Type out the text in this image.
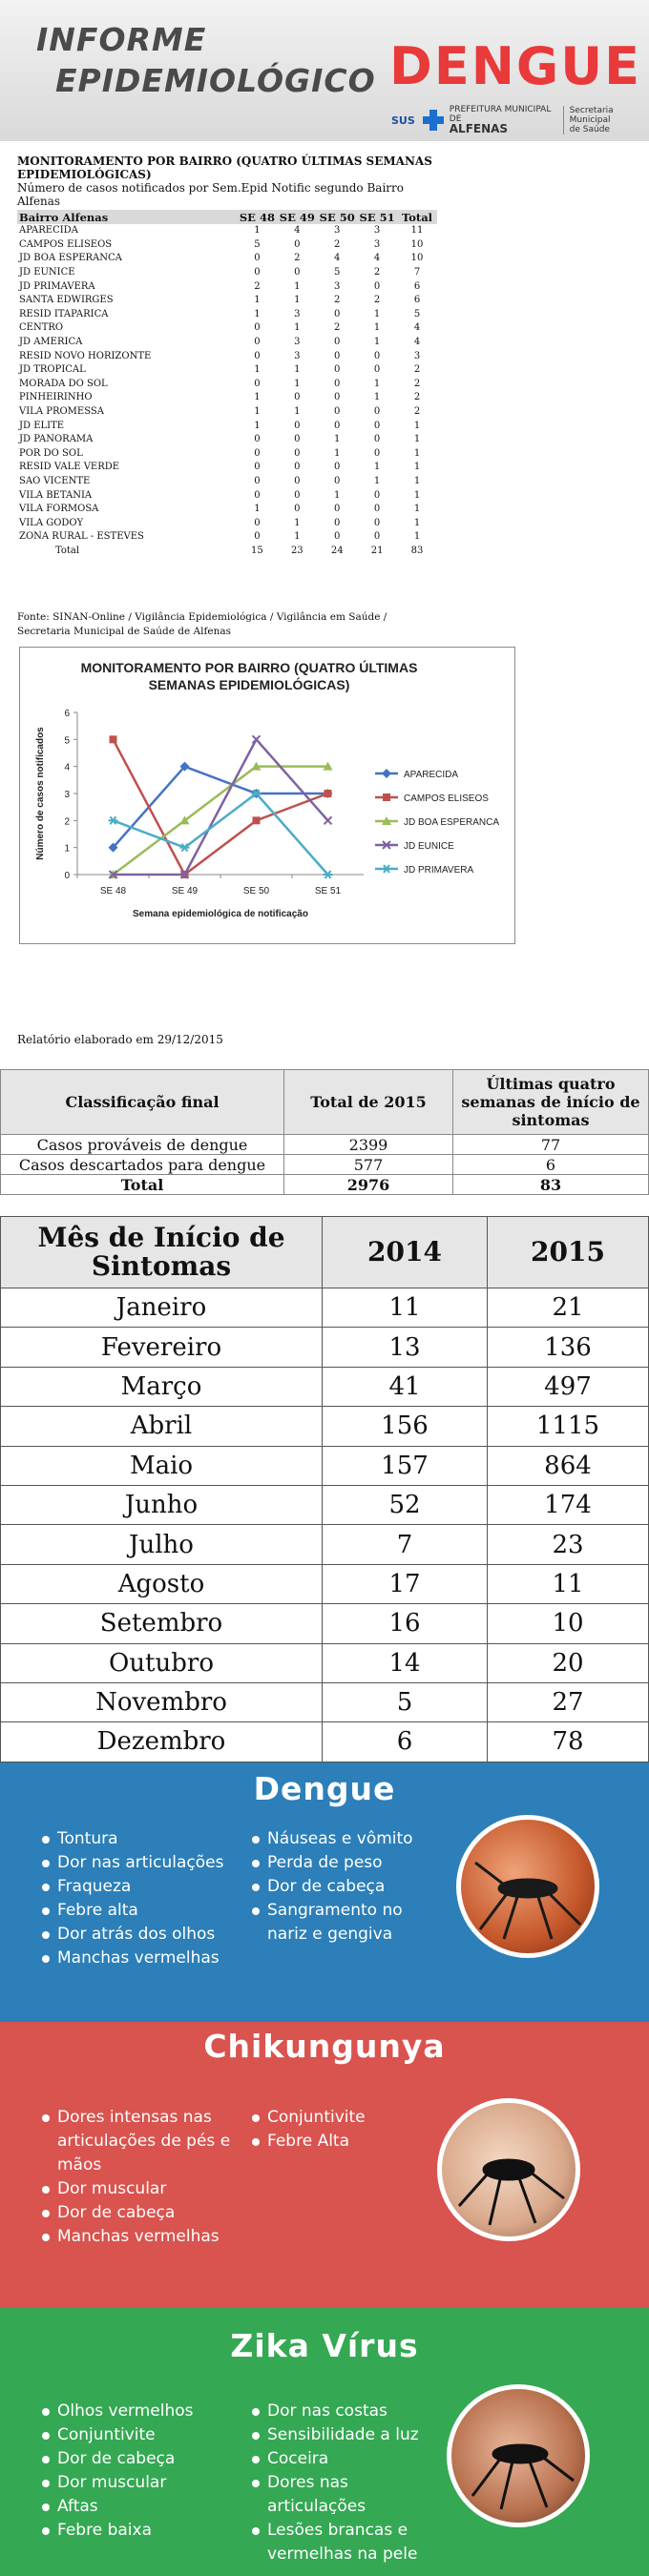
INFORME
EPIDEMIOLÓGICO DENGUE
SUS
PREFEITURA MUNICIPAL DE
ALFENAS
Secretaria Municipal
de Saúde
MONITORAMENTO POR BAIRRO (QUATRO ÚLTIMAS SEMANAS EPIDEMIOLÓGICAS)
Número de casos notificados por Sem.Epid Notific segundo Bairro Alfenas
Bairro Alfenas	SE 48	SE 49	SE 50	SE 51	Total
APARECIDA	1	4	3	3	11
CAMPOS ELISEOS	5	0	2	3	10
JD BOA ESPERANCA	0	2	4	4	10
JD EUNICE	0	0	5	2	7
JD PRIMAVERA	2	1	3	0	6
SANTA EDWIRGES	1	1	2	2	6
RESID ITAPARICA	1	3	0	1	5
CENTRO	0	1	2	1	4
JD AMERICA	0	3	0	1	4
RESID NOVO HORIZONTE	0	3	0	0	3
JD TROPICAL	1	1	0	0	2
MORADA DO SOL	0	1	0	1	2
PINHEIRINHO	1	0	0	1	2
VILA PROMESSA	1	1	0	0	2
JD ELITE	1	0	0	0	1
JD PANORAMA	0	0	1	0	1
POR DO SOL	0	0	1	0	1
RESID VALE VERDE	0	0	0	1	1
SAO VICENTE	0	0	0	1	1
VILA BETANIA	0	0	1	0	1
VILA FORMOSA	1	0	0	0	1
VILA GODOY	0	1	0	0	1
ZONA RURAL - ESTEVES	0	1	0	0	1
Total	15	23	24	21	83
Fonte: SINAN-Online / Vigilância Epidemiológica / Vigilância em Saúde /
Secretaria Municipal de Saúde de Alfenas
MONITORAMENTO POR BAIRRO (QUATRO ÚLTIMAS
SEMANAS EPIDEMIOLÓGICAS)
0
1
2
3
4
5
6
SE 48	SE 49	SE 50	SE 51
Semana epidemiológica de notificação
Número de casos notificados	APARECIDA
CAMPOS ELISEOS
JD BOA ESPERANCA
JD EUNICE
JD PRIMAVERA
Relatório elaborado em 29/12/2015
Classificação final	Total de 2015	Últimas quatro semanas de início de sintomas
Casos prováveis de dengue	2399	77
Casos descartados para dengue	577	6
Total	2976	83
Mês de Início de Sintomas	2014	2015
Janeiro	11	21
Fevereiro	13	136
Março	41	497
Abril	156	1115
Maio	157	864
Junho	52	174
Julho	7	23
Agosto	17	11
Setembro	16	10
Outubro	14	20
Novembro	5	27
Dezembro	6	78
Dengue
Tontura
Dor nas articulações
Fraqueza
Febre alta
Dor atrás dos olhos
Manchas vermelhas
Náuseas e vômito
Perda de peso
Dor de cabeça
Sangramento no nariz e gengiva
Chikungunya
Dores intensas nas articulações de pés e mãos
Dor muscular
Dor de cabeça
Manchas vermelhas
Conjuntivite
Febre Alta
Zika Vírus
Olhos vermelhos
Conjuntivite
Dor de cabeça
Dor muscular
Aftas
Febre baixa
Dor nas costas
Sensibilidade a luz
Coceira
Dores nas articulações
Lesões brancas e vermelhas na pele
